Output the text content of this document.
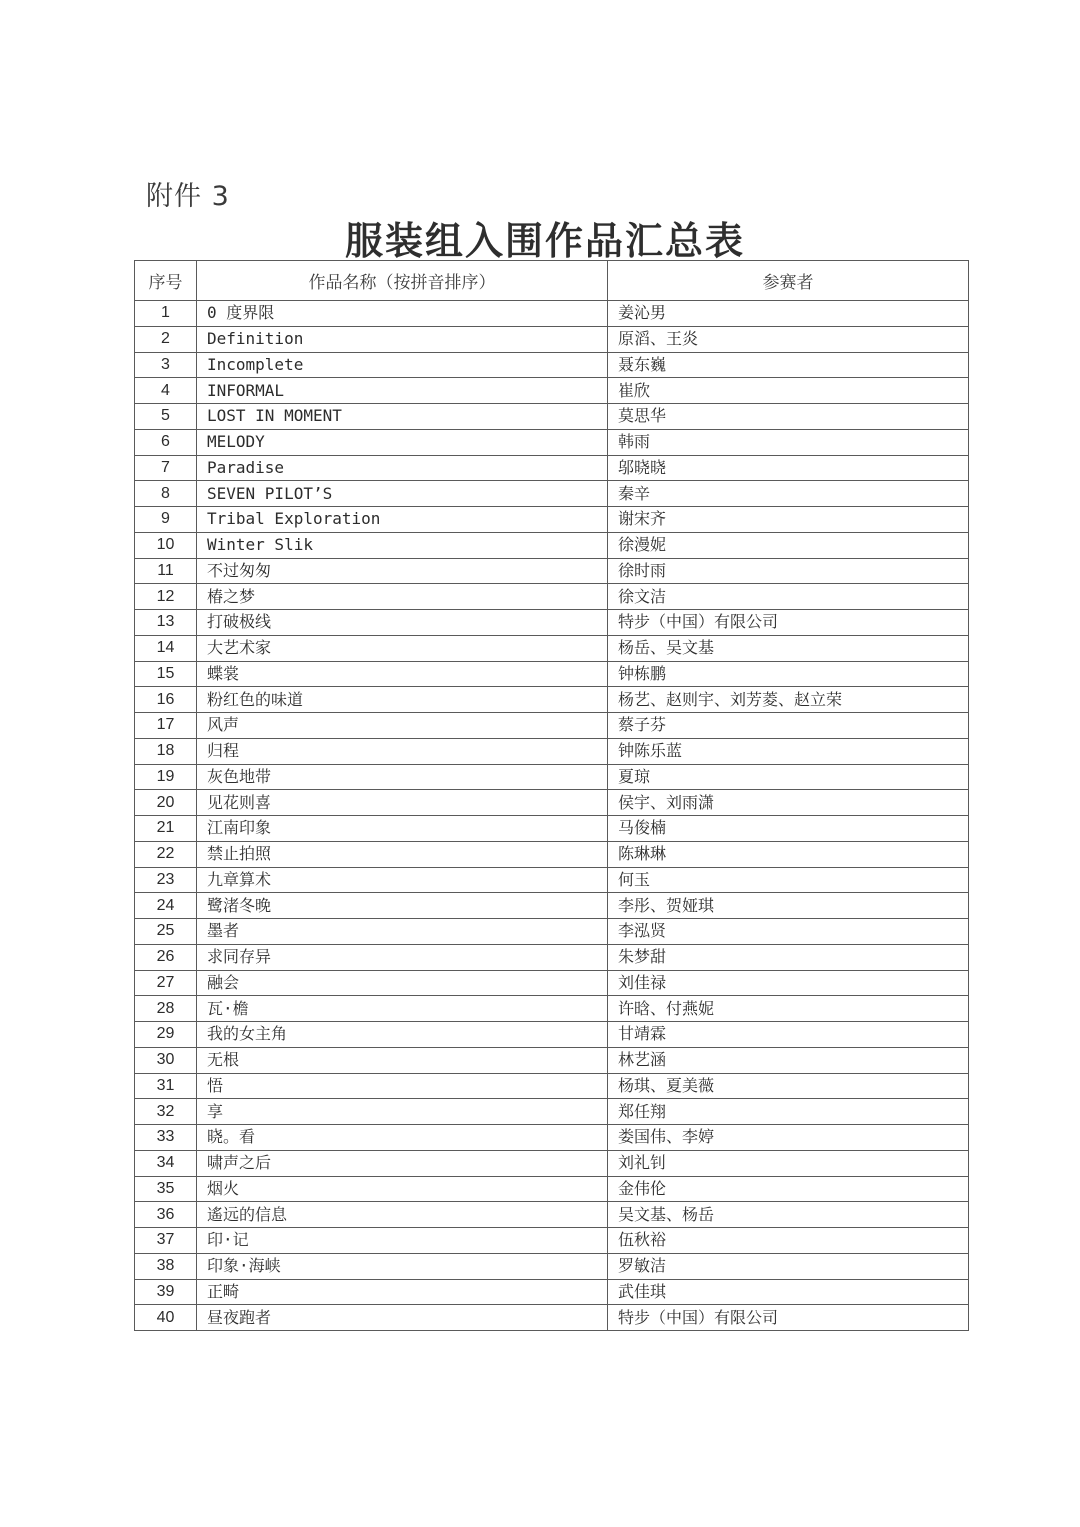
附件 3
服装组入围作品汇总表
序号	作品名称（按拼音排序）	参赛者
1	0 度界限	姜沁男
2	Definition	原滔、王炎
3	Incomplete	聂东巍
4	INFORMAL	崔欣
5	LOST IN MOMENT	莫思华
6	MELODY	韩雨
7	Paradise	邬晓晓
8	SEVEN PILOT’S	秦辛
9	Tribal Exploration	谢宋齐
10	Winter Slik	徐漫妮
11	不过匆匆	徐时雨
12	椿之梦	徐文洁
13	打破极线	特步（中国）有限公司
14	大艺术家	杨岳、吴文基
15	蝶裳	钟栋鹏
16	粉红色的味道	杨艺、赵则宇、刘芳菱、赵立荣
17	风声	蔡子芬
18	归程	钟陈乐蓝
19	灰色地带	夏琼
20	见花则喜	侯宇、刘雨潇
21	江南印象	马俊楠
22	禁止拍照	陈琳琳
23	九章算术	何玉
24	鹭渚冬晚	李彤、贺娅琪
25	墨者	李泓贤
26	求同存异	朱梦甜
27	融会	刘佳禄
28	瓦·檐	许晗、付燕妮
29	我的女主角	甘靖霖
30	无根	林艺涵
31	悟	杨琪、夏美薇
32	享	郑任翔
33	晓。看	娄国伟、李婷
34	啸声之后	刘礼钊
35	烟火	金伟伦
36	遙远的信息	吴文基、杨岳
37	印·记	伍秋裕
38	印象·海峡	罗敏洁
39	正畸	武佳琪
40	昼夜跑者	特步（中国）有限公司
